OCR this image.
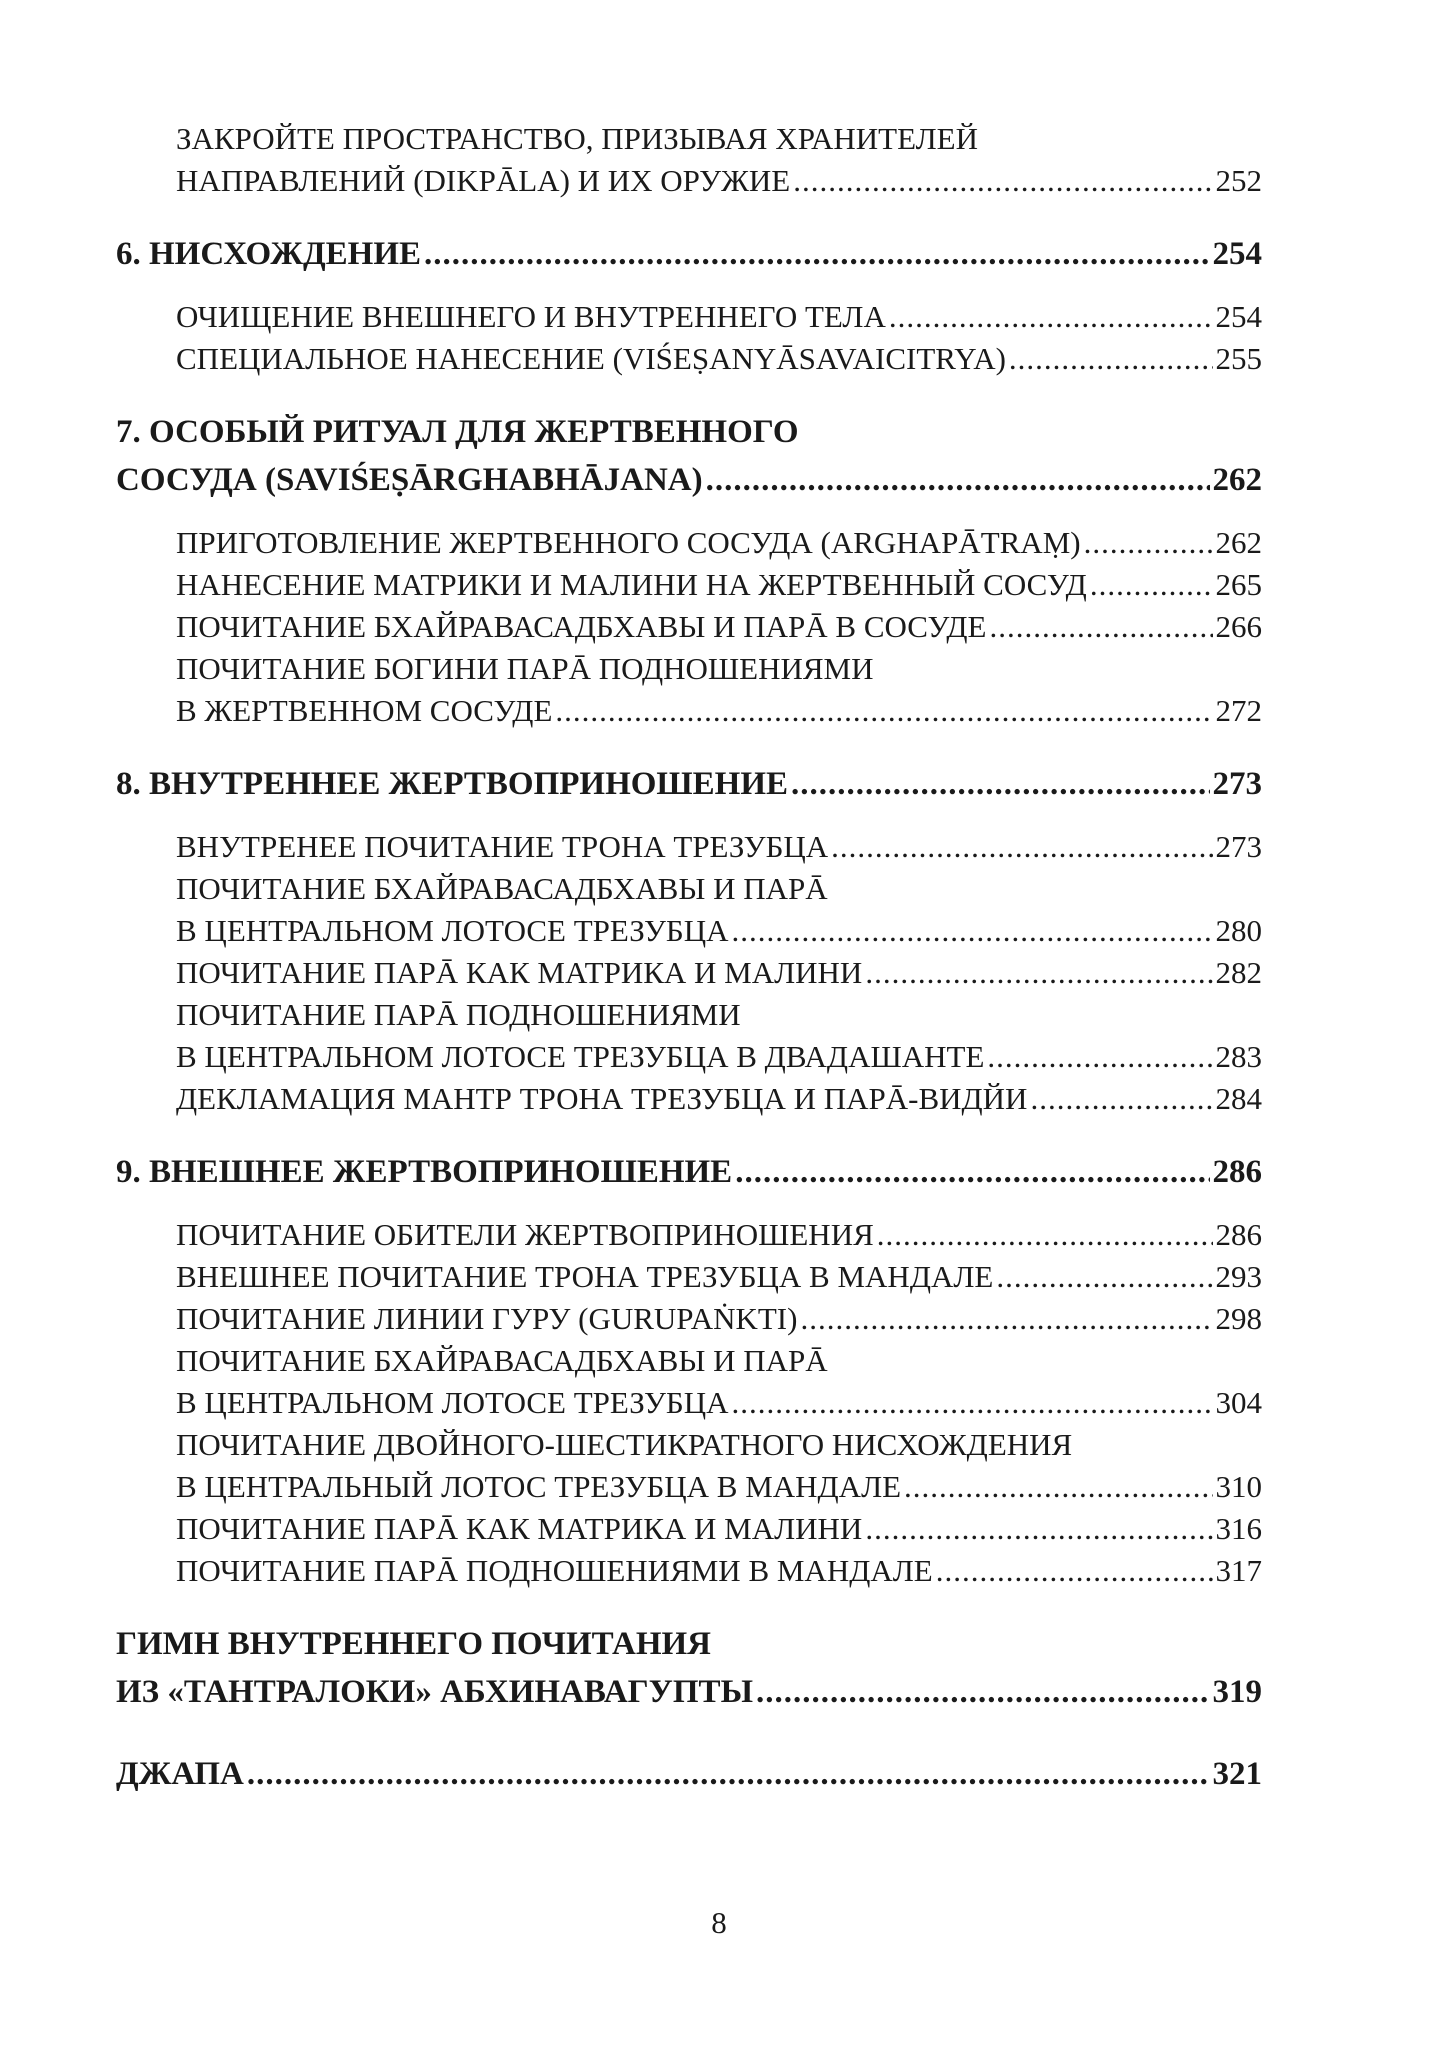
ЗАКРОЙТЕ ПРОСТРАНСТВО, ПРИЗЫВАЯ ХРАНИТЕЛЕЙ
НАПРАВЛЕНИЙ (DIKPĀLA) И ИХ ОРУЖИЕ .....	252
6. НИСХОЖДЕНИЕ .....	254
ОЧИЩЕНИЕ ВНЕШНЕГО И ВНУТРЕННЕГО ТЕЛА .....	254
СПЕЦИАЛЬНОЕ НАНЕСЕНИЕ (VIŚEṢANYĀSAVAICITRYA) .....	255
7. ОСОБЫЙ РИТУАЛ ДЛЯ ЖЕРТВЕННОГО
СОСУДА (SAVIŚEṢĀRGHABHĀJANA) .....	262
ПРИГОТОВЛЕНИЕ ЖЕРТВЕННОГО СОСУДА (ARGHAPĀTRAṂ) .....	262
НАНЕСЕНИЕ МАТРИКИ И МАЛИНИ НА ЖЕРТВЕННЫЙ СОСУД .....	265
ПОЧИТАНИЕ БХАЙРАВАСАДБХАВЫ И ПАРĀ В СОСУДЕ .....	266
ПОЧИТАНИЕ БОГИНИ ПАРĀ ПОДНОШЕНИЯМИ
В ЖЕРТВЕННОМ СОСУДЕ .....	272
8. ВНУТРЕННЕЕ ЖЕРТВОПРИНОШЕНИЕ .....	273
ВНУТРЕНЕЕ ПОЧИТАНИЕ ТРОНА ТРЕЗУБЦА .....	273
ПОЧИТАНИЕ БХАЙРАВАСАДБХАВЫ И ПАРĀ
В ЦЕНТРАЛЬНОМ ЛОТОСЕ ТРЕЗУБЦА .....	280
ПОЧИТАНИЕ ПАРĀ КАК МАТРИКА И МАЛИНИ .....	282
ПОЧИТАНИЕ ПАРĀ ПОДНОШЕНИЯМИ
В ЦЕНТРАЛЬНОМ ЛОТОСЕ ТРЕЗУБЦА В ДВАДАШАНТЕ .....	283
ДЕКЛАМАЦИЯ МАНТР ТРОНА ТРЕЗУБЦА И ПАРĀ-ВИДЙИ .....	284
9. ВНЕШНЕЕ ЖЕРТВОПРИНОШЕНИЕ .....	286
ПОЧИТАНИЕ ОБИТЕЛИ ЖЕРТВОПРИНОШЕНИЯ .....	286
ВНЕШНЕЕ ПОЧИТАНИЕ ТРОНА ТРЕЗУБЦА В МАНДАЛЕ .....	293
ПОЧИТАНИЕ ЛИНИИ ГУРУ (GURUPAṄKTI) .....	298
ПОЧИТАНИЕ БХАЙРАВАСАДБХАВЫ И ПАРĀ
В ЦЕНТРАЛЬНОМ ЛОТОСЕ ТРЕЗУБЦА .....	304
ПОЧИТАНИЕ ДВОЙНОГО-ШЕСТИКРАТНОГО НИСХОЖДЕНИЯ
В ЦЕНТРАЛЬНЫЙ ЛОТОС ТРЕЗУБЦА В МАНДАЛЕ .....	310
ПОЧИТАНИЕ ПАРĀ КАК МАТРИКА И МАЛИНИ .....	316
ПОЧИТАНИЕ ПАРĀ ПОДНОШЕНИЯМИ В МАНДАЛЕ .....	317
ГИМН ВНУТРЕННЕГО ПОЧИТАНИЯ
ИЗ «ТАНТРАЛОКИ» АБХИНАВАГУПТЫ .....	319
ДЖАПА .....	321
8
